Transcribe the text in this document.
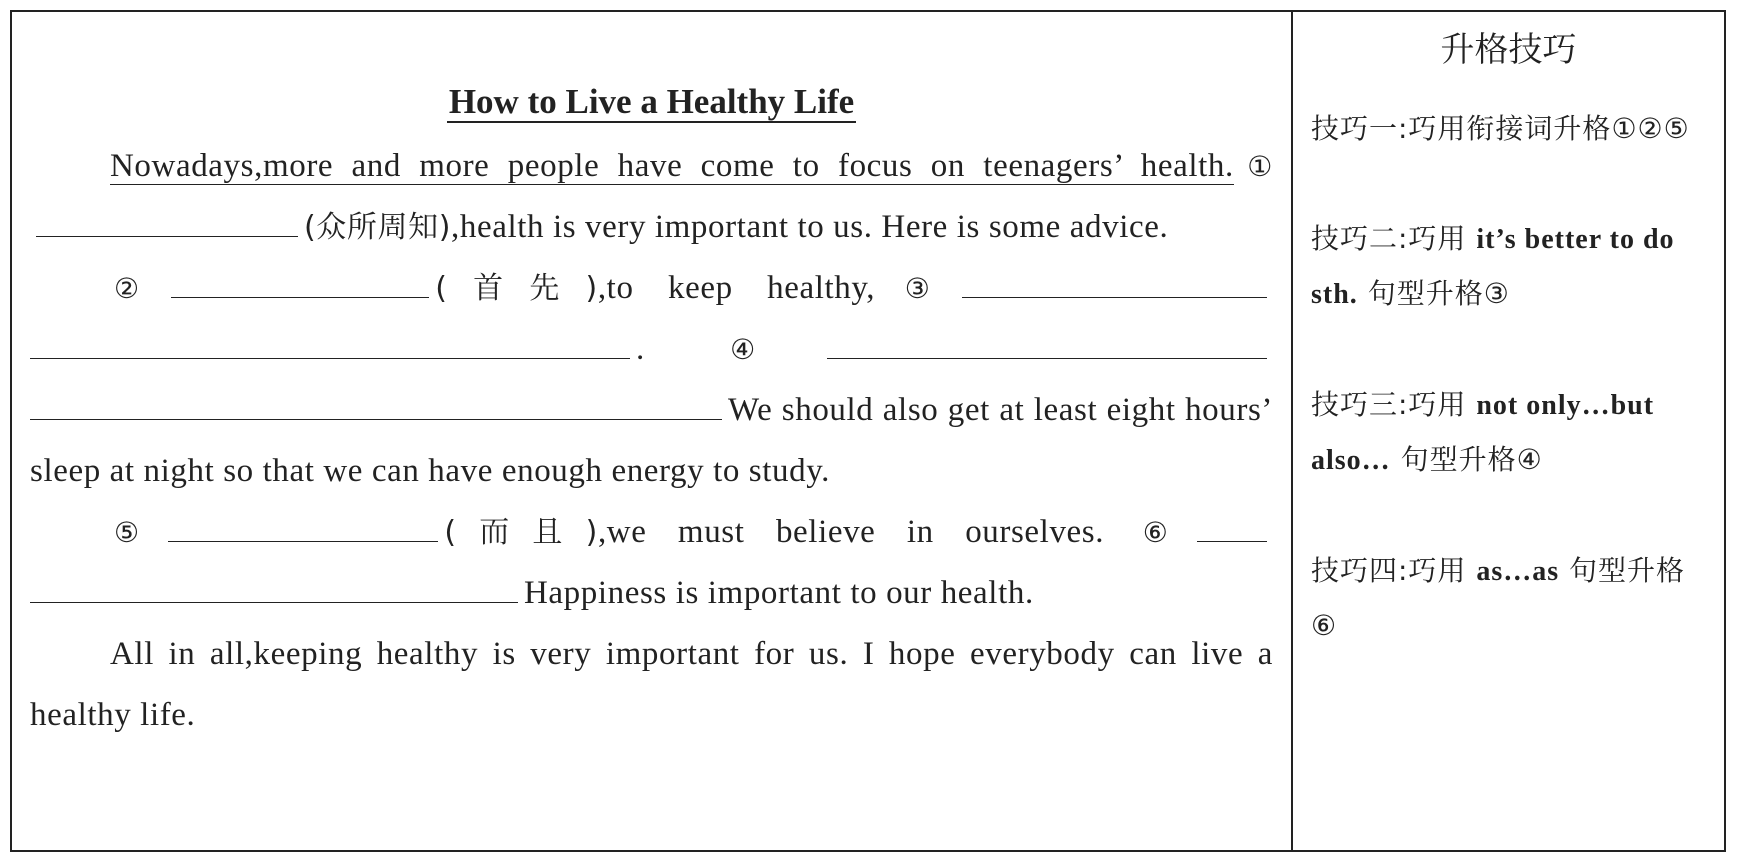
How to Live a Healthy Life

Nowadays,more and more people have come to focus on teenagers’ health. ①(众所周知),health is very important to us. Here is some advice.

②	(首先),to keep healthy, ③. ④We should also get at least eight hours’ sleep at night so that we can have enough energy to study.

⑤	(而且),we must believe in ourselves. ⑥Happiness is important to our health.

All in all,keeping healthy is very important for us. I hope everybody can live a healthy life.

升格技巧
技巧一:巧用衔接词升格①②⑤
技巧二:巧用 it’s better to do sth. 句型升格③
技巧三:巧用 not only…but also… 句型升格④
技巧四:巧用 as…as 句型升格⑥
